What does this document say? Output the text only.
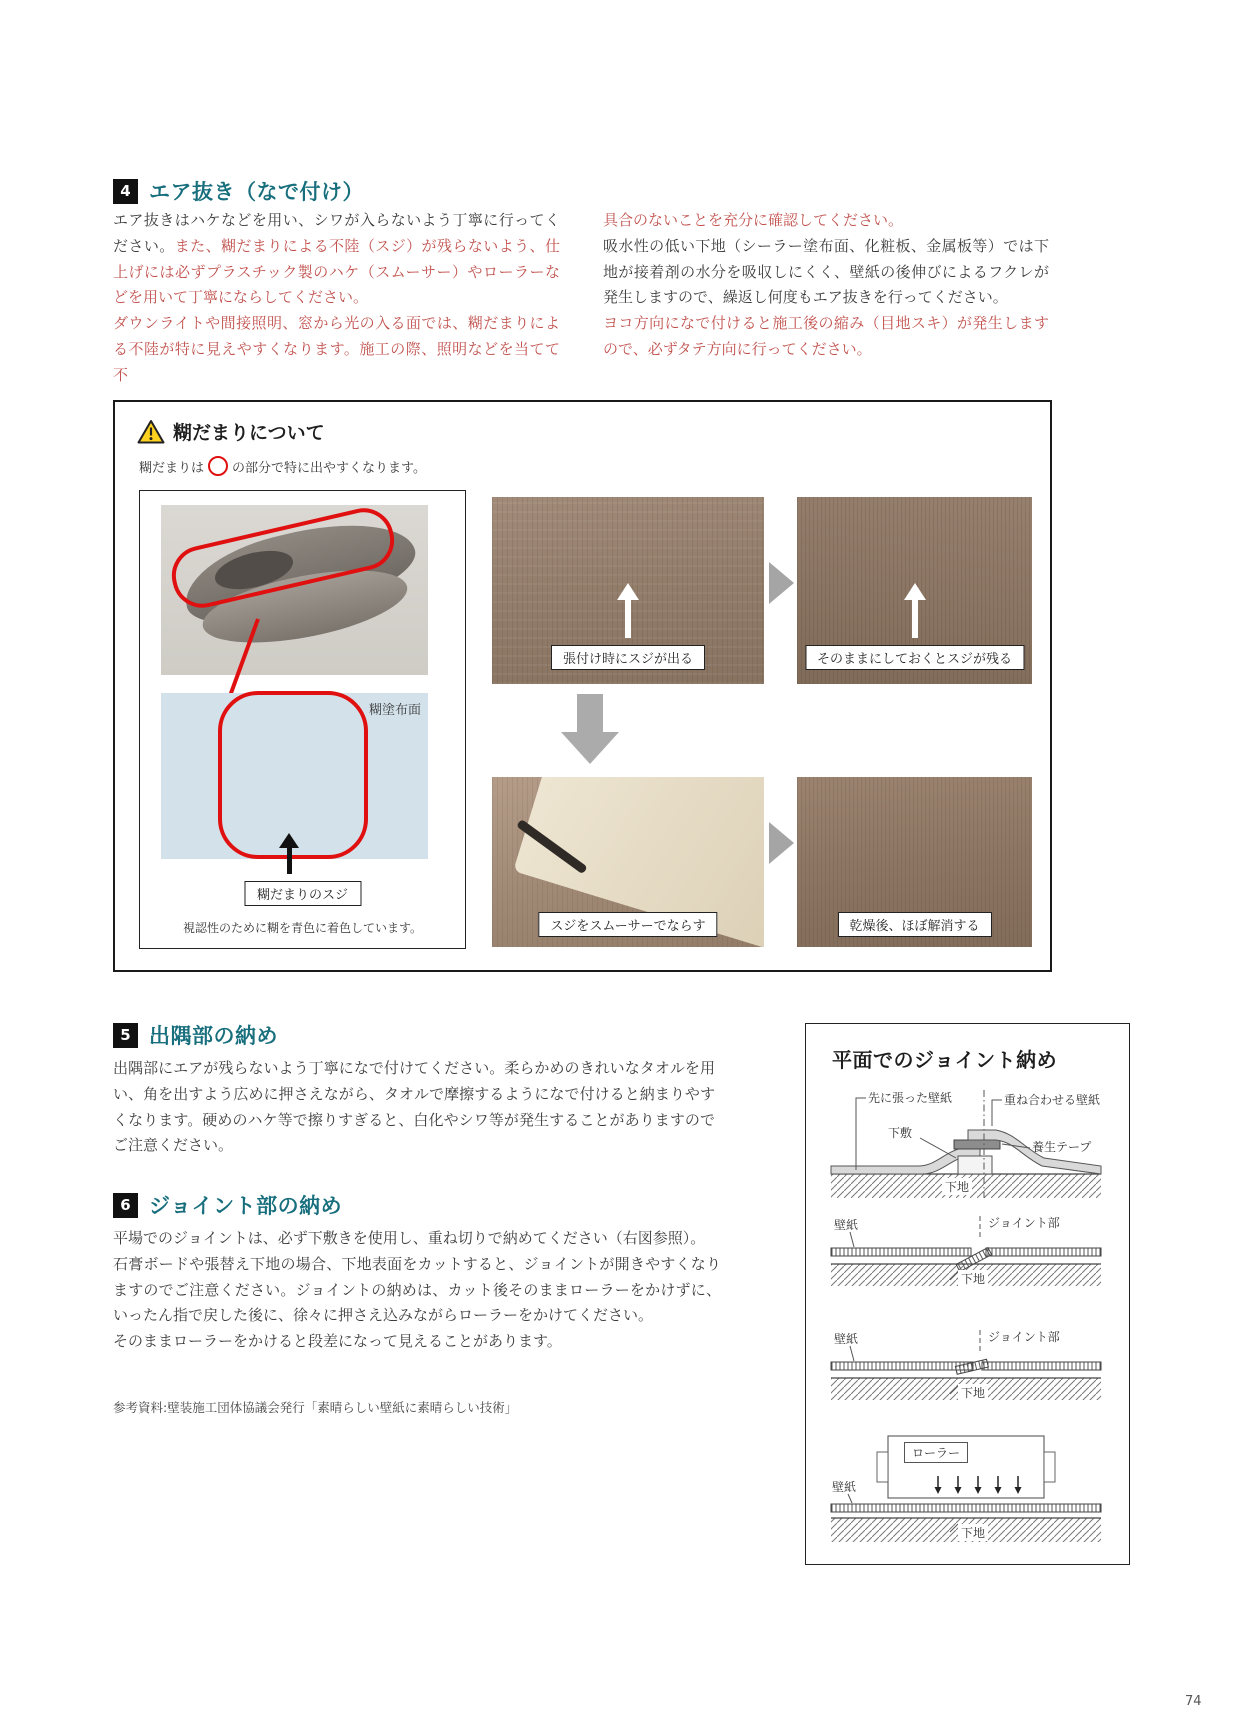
4 エア抜き（なで付け）

エア抜きはハケなどを用い、シワが入らないよう丁寧に行ってください。また、糊だまりによる不陸（スジ）が残らないよう、仕上げには必ずプラスチック製のハケ（スムーサー）やローラーなどを用いて丁寧にならしてください。

ダウンライトや間接照明、窓から光の入る面では、糊だまりによる不陸が特に見えやすくなります。施工の際、照明などを当てて不

具合のないことを充分に確認してください。

吸水性の低い下地（シーラー塗布面、化粧板、金属板等）では下地が接着剤の水分を吸収しにくく、壁紙の後伸びによるフクレが発生しますので、繰返し何度もエア抜きを行ってください。

ヨコ方向になで付けると施工後の縮み（目地スキ）が発生しますので、必ずタテ方向に行ってください。

糊だまりについて
糊だまりは の部分で特に出やすくなります。
糊塗布面
糊だまりのスジ
視認性のために糊を青色に着色しています。
張付け時にスジが出る	そのままにしておくとスジが残る
スジをスムーサーでならす	乾燥後、ほぼ解消する
5 出隅部の納め

出隅部にエアが残らないよう丁寧になで付けてください。柔らかめのきれいなタオルを用い、角を出すよう広めに押さえながら、タオルで摩擦するようになで付けると納まりやすくなります。硬めのハケ等で擦りすぎると、白化やシワ等が発生することがありますのでご注意ください。

6 ジョイント部の納め

平場でのジョイントは、必ず下敷きを使用し、重ね切りで納めてください（右図参照）。

石膏ボードや張替え下地の場合、下地表面をカットすると、ジョイントが開きやすくなりますのでご注意ください。ジョイントの納めは、カット後そのままローラーをかけずに、いったん指で戻した後に、徐々に押さえ込みながらローラーをかけてください。

そのままローラーをかけると段差になって見えることがあります。

参考資料:壁装施工団体協議会発行「素晴らしい壁紙に素晴らしい技術」
平面でのジョイント納め
先に張った壁紙	重ね合わせる壁紙
下敷
養生テープ
下地
壁紙	ジョイント部
下地
壁紙	ジョイント部
下地
ローラー
壁紙
下地
74
